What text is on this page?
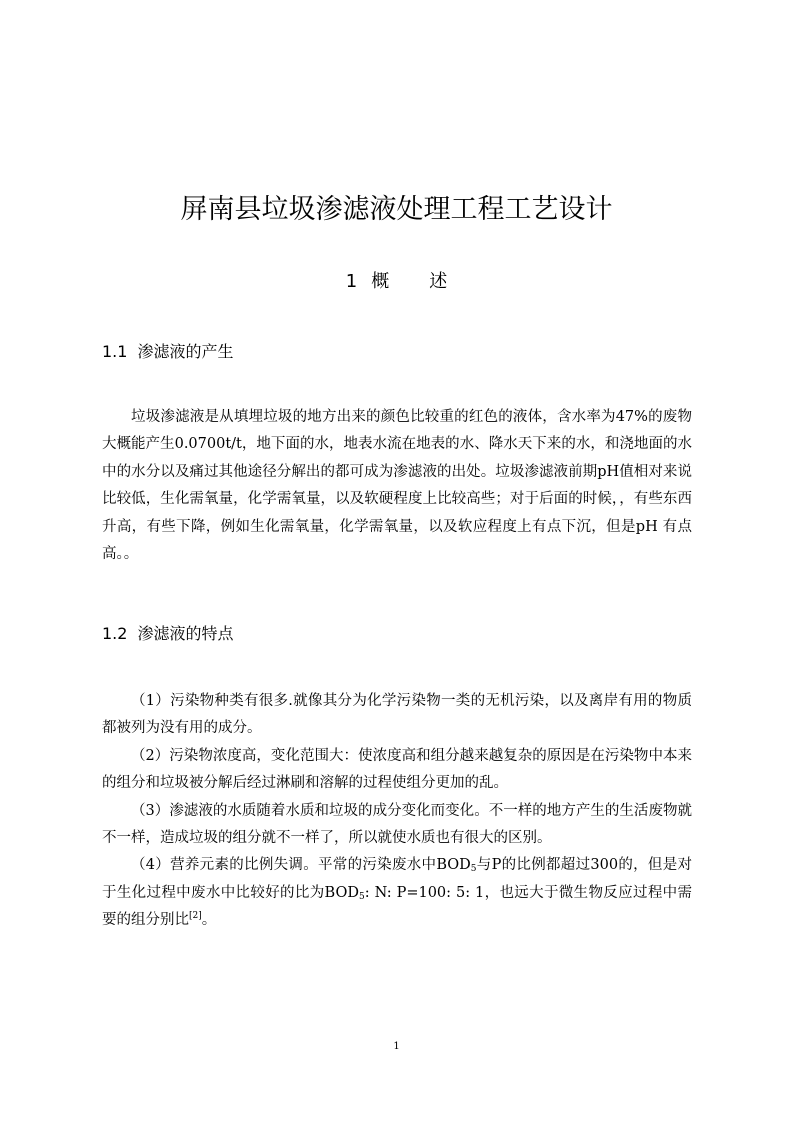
屏南县垃圾渗滤液处理工程工艺设计
1 概 述
1.1 渗滤液的产生

垃圾渗滤液是从填埋垃圾的地方出来的颜色比较重的红色的液体，含水率为47%的废物大概能产生0.0700t/t，地下面的水，地表水流在地表的水、降水天下来的水，和浇地面的水中的水分以及痛过其他途径分解出的都可成为渗滤液的出处。垃圾渗滤液前期pH值相对来说比较低，生化需氧量，化学需氧量，以及软硬程度上比较高些；对于后面的时候，，有些东西升高，有些下降，例如生化需氧量，化学需氧量，以及软应程度上有点下沉，但是pH 有点高。。

1.2 渗滤液的特点

（1）污染物种类有很多.就像其分为化学污染物一类的无机污染，以及离岸有用的物质都被列为没有用的成分。

（2）污染物浓度高，变化范围大：使浓度高和组分越来越复杂的原因是在污染物中本来的组分和垃圾被分解后经过淋刷和溶解的过程使组分更加的乱。

（3）渗滤液的水质随着水质和垃圾的成分变化而变化。不一样的地方产生的生活废物就不一样，造成垃圾的组分就不一样了，所以就使水质也有很大的区别。

（4）营养元素的比例失调。平常的污染废水中$BOD_5$与P的比例都超过300的，但是对于生化过程中废水中比较好的比为$BOD_5$: N: P=100: 5: 1，也远大于微生物反应过程中需要的组分别比[2]。

1
